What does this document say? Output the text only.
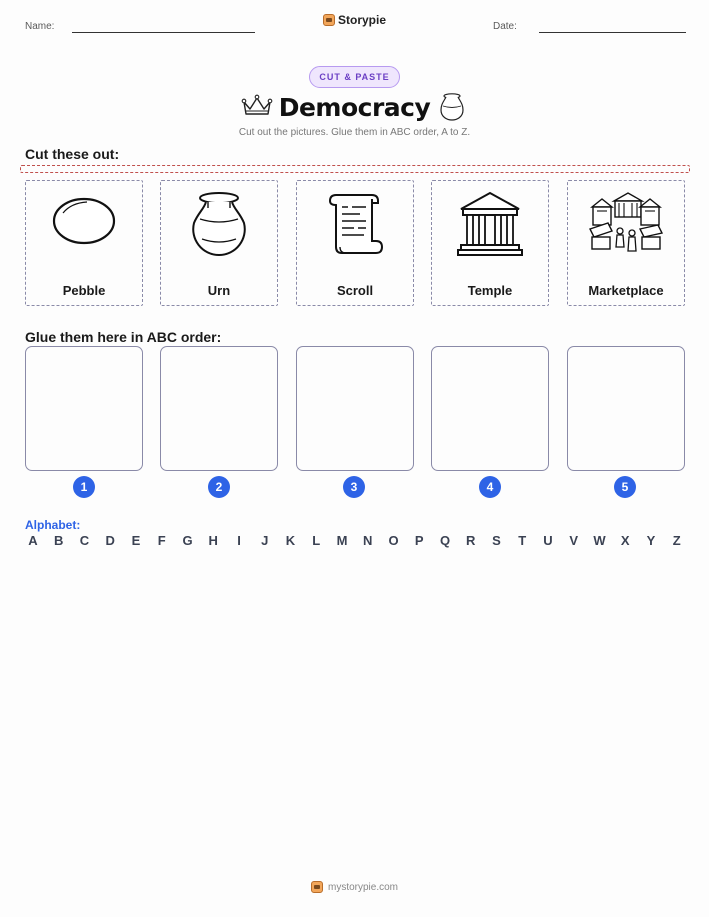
Name:	Storypie	Date:
CUT & PASTE
Democracy
Cut out the pictures. Glue them in ABC order, A to Z.
Cut these out:
Pebble	Urn	Scroll	Temple	Marketplace
Glue them here in ABC order:
1	2	3	4	5
Alphabet:
A B C D E	F	G H	I	J	K	L	M N O P Q R S	T	U V W X Y	Z
mystorypie.com
